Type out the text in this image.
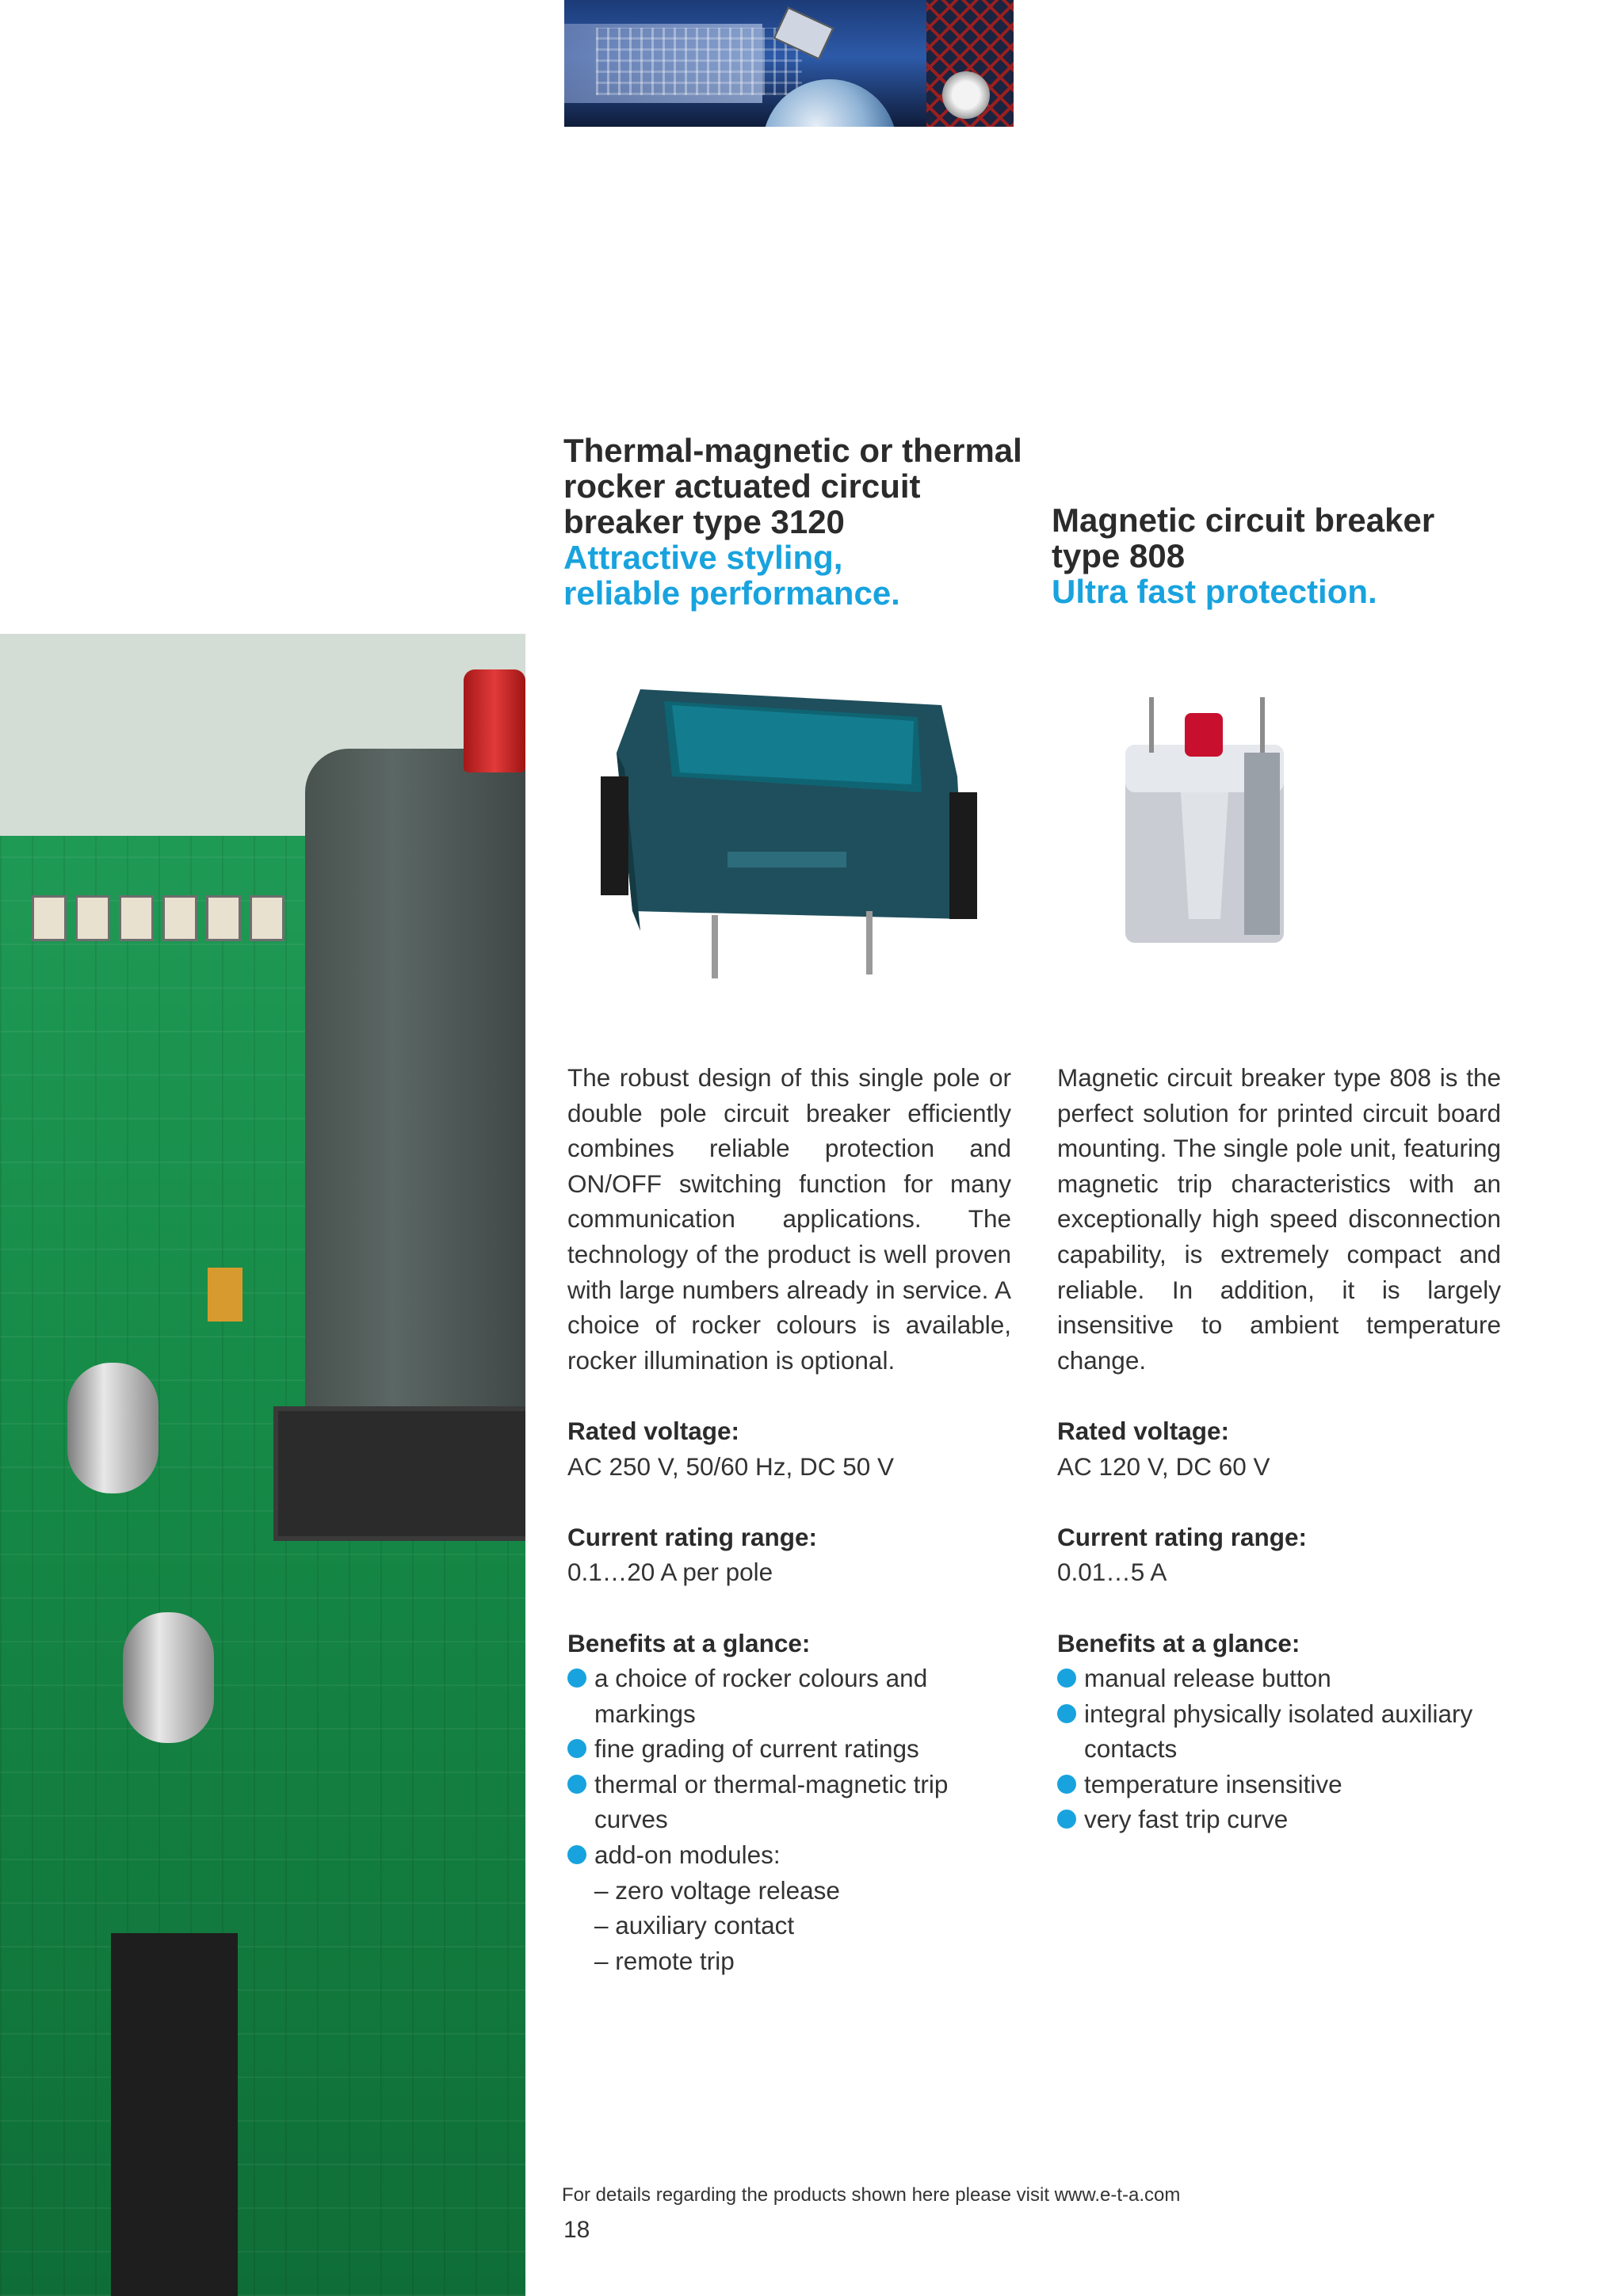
Thermal-magnetic or thermal
rocker actuated circuit
breaker type 3120
Attractive styling,
reliable performance.
Magnetic circuit breaker
type 808
Ultra fast protection.
The robust design of this single pole or double pole circuit breaker efficiently combines reliable protection and ON/OFF switching function for many communication applications. The technology of the product is well proven with large numbers already in service. A choice of rocker colours is available, rocker illumination is optional.
Rated voltage:
AC 250 V, 50/60 Hz, DC 50 V
Current rating range:
0.1…20 A per pole
Benefits at a glance:
a choice of rocker colours and markings
fine grading of current ratings
thermal or thermal-magnetic trip curves
add-on modules:
– zero voltage release
– auxiliary contact
– remote trip
Magnetic circuit breaker type 808 is the perfect solution for printed circuit board mounting. The single pole unit, featuring magnetic trip characteristics with an exceptionally high speed disconnection capability, is extremely compact and reliable. In addition, it is largely insensitive to ambient temperature change.
Rated voltage:
AC 120 V, DC 60 V
Current rating range:
0.01…5 A
Benefits at a glance:
manual release button
integral physically isolated auxiliary contacts
temperature insensitive
very fast trip curve
For details regarding the products shown here please visit www.e-t-a.com
18
